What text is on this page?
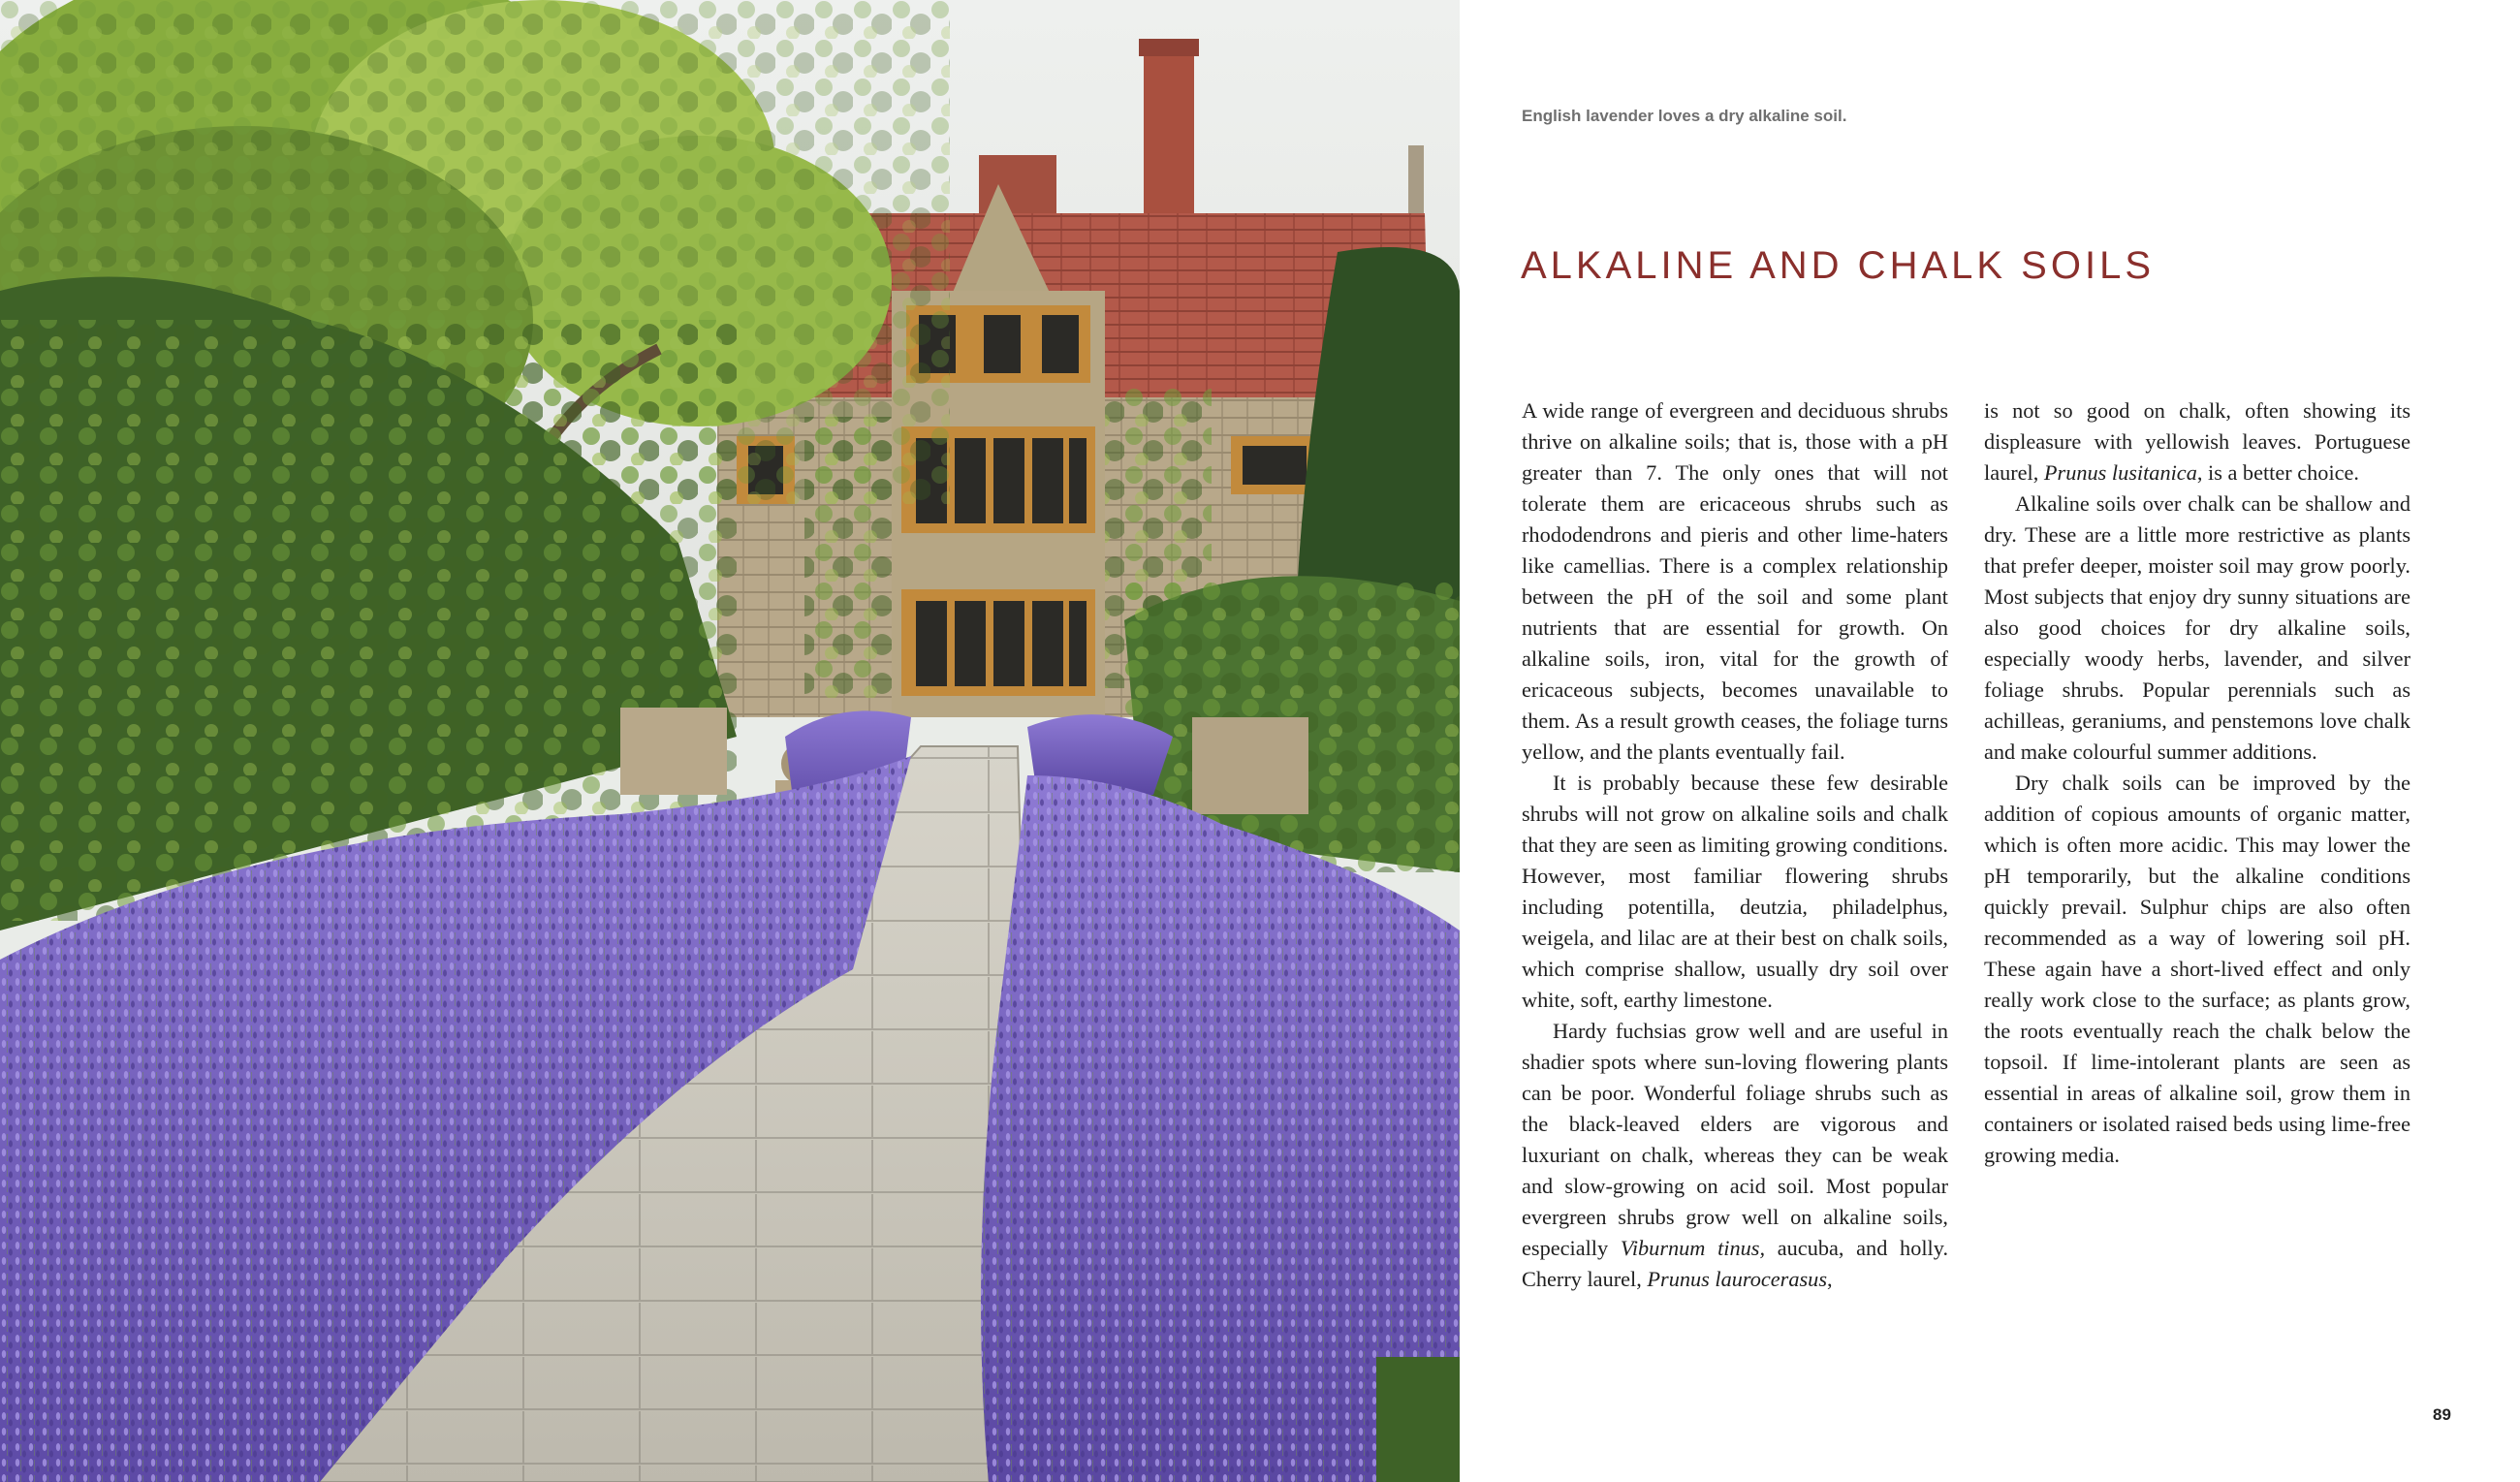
English lavender loves a dry alkaline soil.
ALKALINE AND CHALK SOILS

A wide range of evergreen and deciduous shrubs thrive on alkaline soils; that is, those with a pH greater than 7. The only ones that will not tolerate them are ericaceous shrubs such as rhododendrons and pieris and other lime-haters like camellias. There is a complex relationship between the pH of the soil and some plant nutrients that are essential for growth. On alkaline soils, iron, vital for the growth of ericaceous subjects, becomes unavailable to them. As a result growth ceases, the foliage turns yellow, and the plants eventually fail.

It is probably because these few desirable shrubs will not grow on alkaline soils and chalk that they are seen as limiting growing conditions. However, most familiar flowering shrubs including potentilla, deutzia, philadelphus, weigela, and lilac are at their best on chalk soils, which comprise shallow, usually dry soil over white, soft, earthy limestone.

Hardy fuchsias grow well and are useful in shadier spots where sun-loving flowering plants can be poor. Wonderful foliage shrubs such as the black-leaved elders are vigorous and luxuriant on chalk, whereas they can be weak and slow-growing on acid soil. Most popular evergreen shrubs grow well on alkaline soils, especially Viburnum tinus, aucuba, and holly. Cherry laurel, Prunus laurocerasus,

is not so good on chalk, often showing its displeasure with yellowish leaves. Portuguese laurel, Prunus lusitanica, is a better choice.

Alkaline soils over chalk can be shallow and dry. These are a little more restrictive as plants that prefer deeper, moister soil may grow poorly. Most subjects that enjoy dry sunny situations are also good choices for dry alkaline soils, especially woody herbs, lavender, and silver foliage shrubs. Popular perennials such as achilleas, geraniums, and penstemons love chalk and make colourful summer additions.

Dry chalk soils can be improved by the addition of copious amounts of organic matter, which is often more acidic. This may lower the pH temporarily, but the alkaline conditions quickly prevail. Sulphur chips are also often recommended as a way of lowering soil pH. These again have a short-lived effect and only really work close to the surface; as plants grow, the roots eventually reach the chalk below the topsoil. If lime-intolerant plants are seen as essential in areas of alkaline soil, grow them in containers or isolated raised beds using lime-free growing media.

89
